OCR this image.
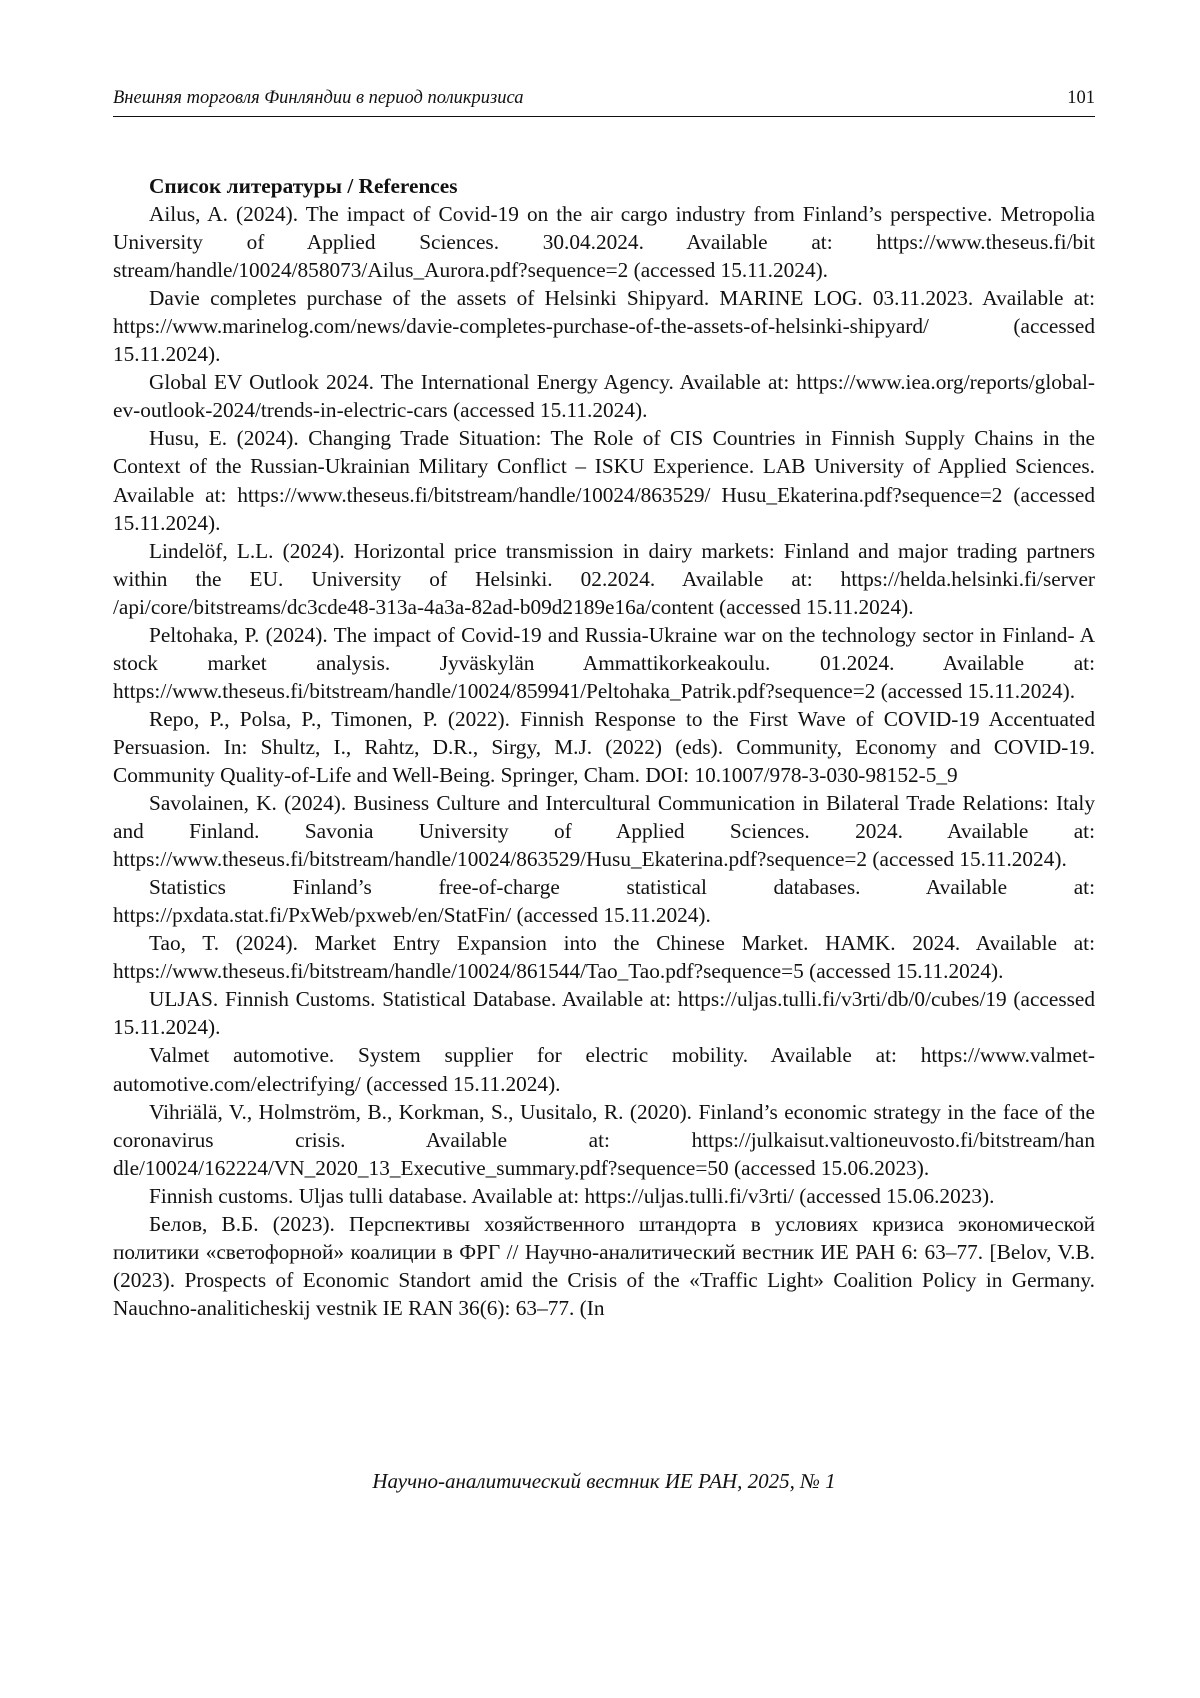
Внешняя торговля Финляндии в период поликризиса	101

Список литературы / References

Ailus, A. (2024). The impact of Covid-19 on the air cargo industry from Finland’s perspective. Metropolia University of Applied Sciences. 30.04.2024. Available at: https://www.theseus.fi/bit​stream/handle/10024/858073/Ailus_Aurora.pdf?sequence=2 (accessed 15.11.2024).

Davie completes purchase of the assets of Helsinki Shipyard. MARINE LOG. 03.11.2023. Available at: https://www.marinelog.com/news/davie-completes-purchase-of-the-assets-of-helsinki-shipyard/ (accessed 15.11.2024).

Global EV Outlook 2024. The International Energy Agency. Available at: https://www.iea.org/reports/global-ev-outlook-2024/trends-in-electric-cars (accessed 15.11.2024).

Husu, E. (2024). Changing Trade Situation: The Role of CIS Countries in Finnish Supply Chains in the Context of the Russian-Ukrainian Military Conflict – ISKU Experience. LAB University of Applied Sciences. Available at: https://www.theseus.fi/bitstream/handle/10024/863529/ Husu_Ekaterina.pdf?sequence=2 (accessed 15.11.2024).

Lindelöf, L.L. (2024). Horizontal price transmission in dairy markets: Finland and major trading partners within the EU. University of Helsinki. 02.2024. Available at: https://helda.helsinki.fi/server /api/core/bitstreams/dc3cde48-313a-4a3a-82ad-b09d2189e16a/content (accessed 15.11.2024).

Peltohaka, P. (2024). The impact of Covid-19 and Russia-Ukraine war on the technology sector in Finland- A stock market analysis. Jyväskylän Ammattikorkeakoulu. 01.2024. Available at: https://www.theseus.fi/bitstream/handle/10024/859941/Peltohaka_Patrik.pdf?sequence=2 (accessed 15.11.2024).

Repo, P., Polsa, P., Timonen, P. (2022). Finnish Response to the First Wave of COVID-19 Accentuated Persuasion. In: Shultz, I., Rahtz, D.R., Sirgy, M.J. (2022) (eds). Community, Economy and COVID-19. Community Quality-of-Life and Well-Being. Springer, Cham. DOI: 10.1007/978-3-030-98152-5_9

Savolainen, K. (2024). Business Culture and Intercultural Communication in Bilateral Trade Relations: Italy and Finland. Savonia University of Applied Sciences. 2024. Available at: https://www.theseus.fi/bitstream/handle/10024/863529/Husu_Ekaterina.pdf?sequence=2 (accessed 15.11.2024).

Statistics Finland’s free-of-charge statistical databases. Available at: https://pxdata.stat.fi/PxWeb/pxweb/en/StatFin/ (accessed 15.11.2024).

Tao, T. (2024). Market Entry Expansion into the Chinese Market. HAMK. 2024. Available at: https://www.theseus.fi/bitstream/handle/10024/861544/Tao_Tao.pdf?sequence=5 (accessed 15.11.2024).

ULJAS. Finnish Customs. Statistical Database. Available at: https://uljas.tulli.fi/v3rti/db/0/cubes/19 (accessed 15.11.2024).

Valmet automotive. System supplier for electric mobility. Available at: https://www.valmet-automotive.com/electrifying/ (accessed 15.11.2024).

Vihriälä, V., Holmström, B., Korkman, S., Uusitalo, R. (2020). Finland’s economic strategy in the face of the coronavirus crisis. Available at: https://julkaisut.valtioneuvosto.fi/bitstream/han​dle/10024/162224/VN_2020_13_Executive_summary.pdf?sequence=50 (accessed 15.06.2023).

Finnish customs. Uljas tulli database. Available at: https://uljas.tulli.fi/v3rti/ (accessed 15.06.2023).

Белов, В.Б. (2023). Перспективы хозяйственного штандорта в условиях кризиса экономической политики «светофорной» коалиции в ФРГ // Научно-аналитический вестник ИЕ РАН 6: 63–77. [Belov, V.B. (2023). Prospects of Economic Standort amid the Crisis of the «Traffic Light» Coalition Policy in Germany. Nauchno-analiticheskij vestnik IE RAN 36(6): 63–77. (In

Научно-аналитический вестник ИЕ РАН, 2025, № 1
